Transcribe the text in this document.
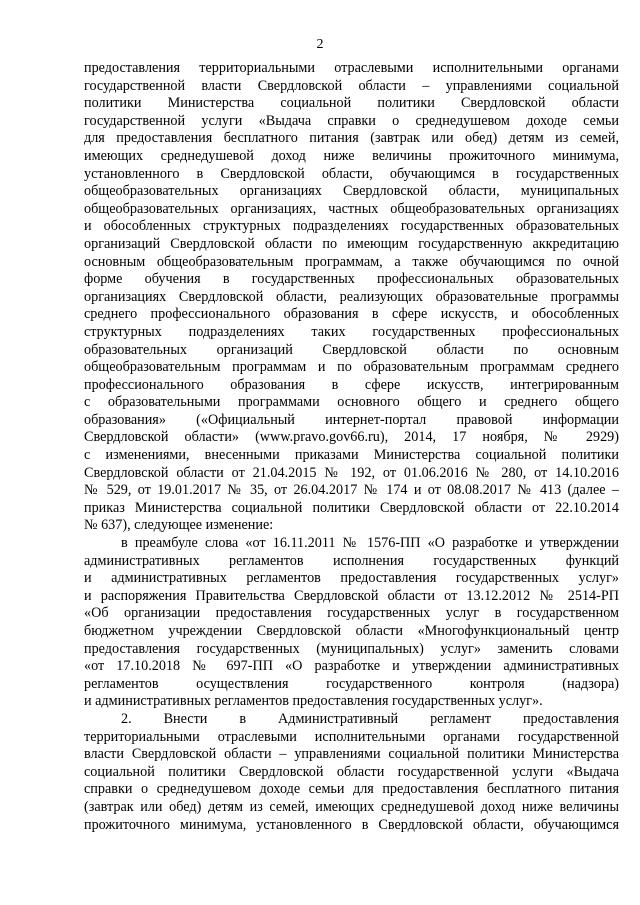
2
предоставления территориальными отраслевыми исполнительными органами
государственной власти Свердловской области – управлениями социальной
политики Министерства социальной политики Свердловской области
государственной услуги «Выдача справки о среднедушевом доходе семьи
для предоставления бесплатного питания (завтрак или обед) детям из семей,
имеющих среднедушевой доход ниже величины прожиточного минимума,
установленного в Свердловской области, обучающимся в государственных
общеобразовательных организациях Свердловской области, муниципальных
общеобразовательных организациях, частных общеобразовательных организациях
и обособленных структурных подразделениях государственных образовательных
организаций Свердловской области по имеющим государственную аккредитацию
основным общеобразовательным программам, а также обучающимся по очной
форме обучения в государственных профессиональных образовательных
организациях Свердловской области, реализующих образовательные программы
среднего профессионального образования в сфере искусств, и обособленных
структурных подразделениях таких государственных профессиональных
образовательных организаций Свердловской области по основным
общеобразовательным программам и по образовательным программам среднего
профессионального образования в сфере искусств, интегрированным
с образовательными программами основного общего и среднего общего
образования» («Официальный интернет-портал правовой информации
Свердловской области» (www.pravo.gov66.ru), 2014, 17 ноября, № 2929)
с изменениями, внесенными приказами Министерства социальной политики
Свердловской области от 21.04.2015 № 192, от 01.06.2016 № 280, от 14.10.2016
№ 529, от 19.01.2017 № 35, от 26.04.2017 № 174 и от 08.08.2017 № 413 (далее –
приказ Министерства социальной политики Свердловской области от 22.10.2014
№ 637), следующее изменение:
в преамбуле слова «от 16.11.2011 № 1576-ПП «О разработке и утверждении
административных регламентов исполнения государственных функций
и административных регламентов предоставления государственных услуг»
и распоряжения Правительства Свердловской области от 13.12.2012 № 2514-РП
«Об организации предоставления государственных услуг в государственном
бюджетном учреждении Свердловской области «Многофункциональный центр
предоставления государственных (муниципальных) услуг» заменить словами
«от 17.10.2018 № 697-ПП «О разработке и утверждении административных
регламентов осуществления государственного контроля (надзора)
и административных регламентов предоставления государственных услуг».
2. Внести в Административный регламент предоставления
территориальными отраслевыми исполнительными органами государственной
власти Свердловской области – управлениями социальной политики Министерства
социальной политики Свердловской области государственной услуги «Выдача
справки о среднедушевом доходе семьи для предоставления бесплатного питания
(завтрак или обед) детям из семей, имеющих среднедушевой доход ниже величины
прожиточного минимума, установленного в Свердловской области, обучающимся
